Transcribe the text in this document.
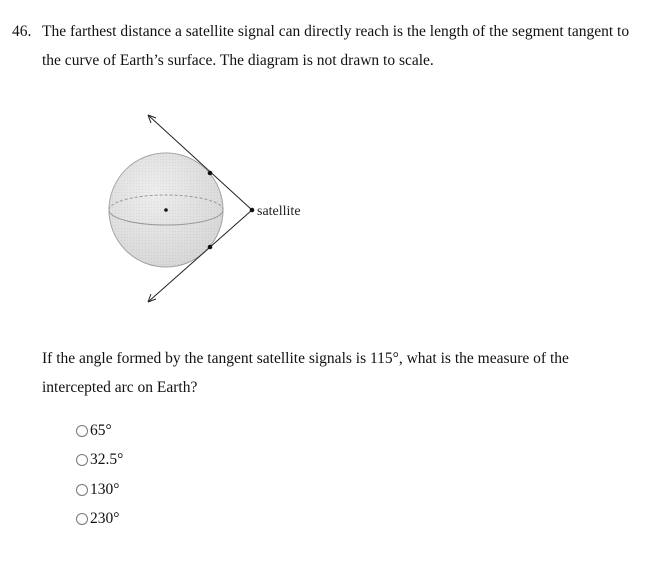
46. The farthest distance a satellite signal can directly reach is the length of the segment tangent to
the curve of Earth’s surface. The diagram is not drawn to scale.
satellite
If the angle formed by the tangent satellite signals is 115°, what is the measure of the
intercepted arc on Earth?
65°
32.5°
130°
230°
